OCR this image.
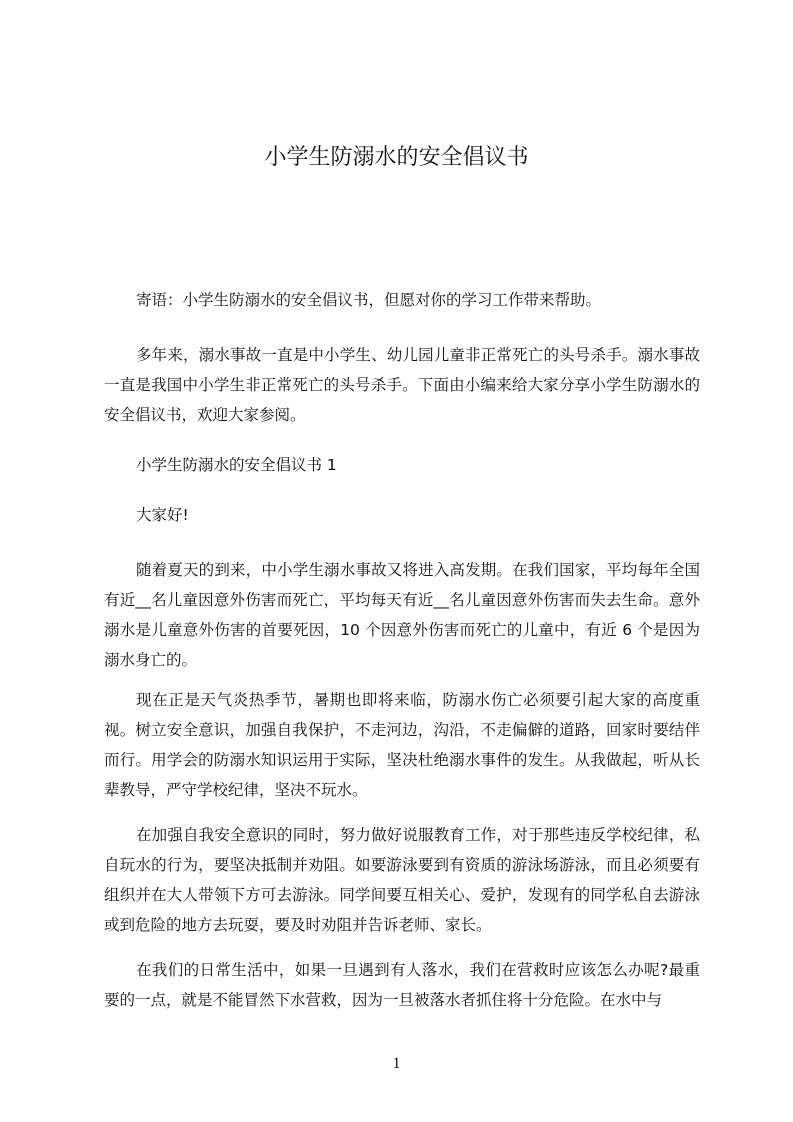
小学生防溺水的安全倡议书

寄语：小学生防溺水的安全倡议书，但愿对你的学习工作带来帮助。

多年来，溺水事故一直是中小学生、幼儿园儿童非正常死亡的头号杀手。溺水事故一直是我国中小学生非正常死亡的头号杀手。下面由小编来给大家分享小学生防溺水的安全倡议书，欢迎大家参阅。

小学生防溺水的安全倡议书 1

大家好!

随着夏天的到来，中小学生溺水事故又将进入高发期。在我们国家，平均每年全国有近__名儿童因意外伤害而死亡，平均每天有近__名儿童因意外伤害而失去生命。意外溺水是儿童意外伤害的首要死因，10 个因意外伤害而死亡的儿童中，有近 6 个是因为溺水身亡的。

现在正是天气炎热季节，暑期也即将来临，防溺水伤亡必须要引起大家的高度重视。树立安全意识，加强自我保护，不走河边，沟沿，不走偏僻的道路，回家时要结伴而行。用学会的防溺水知识运用于实际，坚决杜绝溺水事件的发生。从我做起，听从长辈教导，严守学校纪律，坚决不玩水。

在加强自我安全意识的同时，努力做好说服教育工作，对于那些违反学校纪律，私自玩水的行为，要坚决抵制并劝阻。如要游泳要到有资质的游泳场游泳，而且必须要有组织并在大人带领下方可去游泳。同学间要互相关心、爱护，发现有的同学私自去游泳或到危险的地方去玩耍，要及时劝阻并告诉老师、家长。

在我们的日常生活中，如果一旦遇到有人落水，我们在营救时应该怎么办呢?最重要的一点，就是不能冒然下水营救，因为一旦被落水者抓住将十分危险。在水中与

1
